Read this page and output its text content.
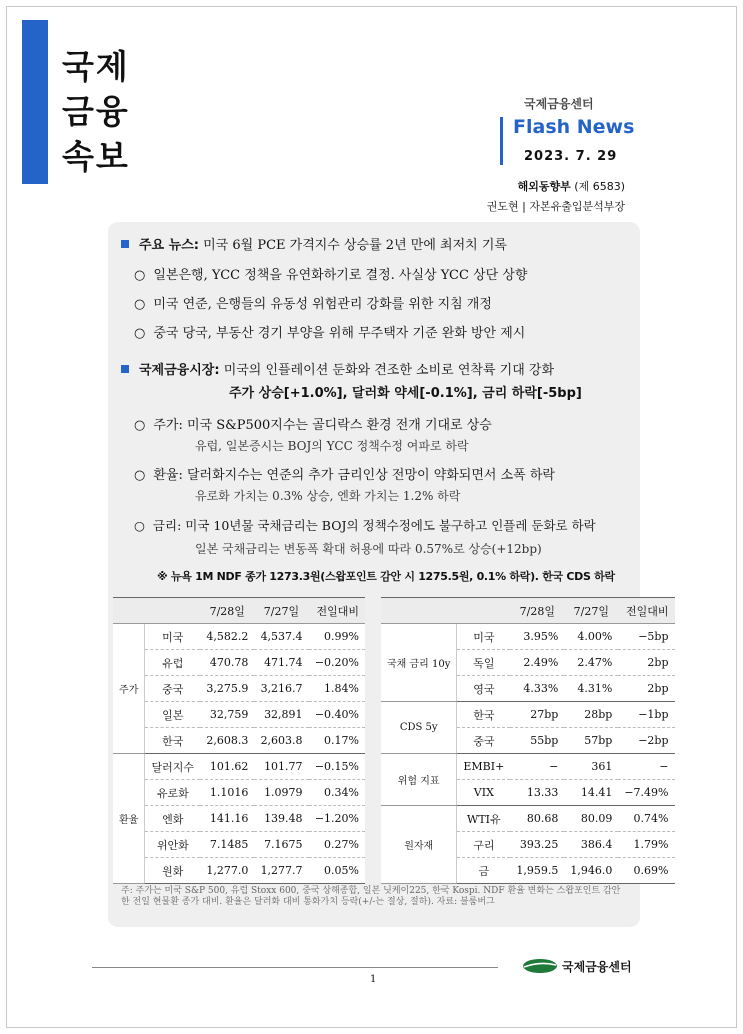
국제
금융
속보
국제금융센터
Flash News
2023. 7. 29
해외동향부 (제 6583)
권도현 | 자본유출입분석부장
주요 뉴스: 미국 6월 PCE 가격지수 상승률 2년 만에 최저치 기록
○ 일본은행, YCC 정책을 유연화하기로 결정. 사실상 YCC 상단 상향
○ 미국 연준, 은행들의 유동성 위험관리 강화를 위한 지침 개정
○ 중국 당국, 부동산 경기 부양을 위해 무주택자 기준 완화 방안 제시
국제금융시장: 미국의 인플레이션 둔화와 견조한 소비로 연착륙 기대 강화
주가 상승[+1.0%], 달러화 약세[-0.1%], 금리 하락[-5bp]
○ 주가: 미국 S&P500지수는 골디락스 환경 전개 기대로 상승
유럽, 일본증시는 BOJ의 YCC 정책수정 여파로 하락
○ 환율: 달러화지수는 연준의 추가 금리인상 전망이 약화되면서 소폭 하락
유로화 가치는 0.3% 상승, 엔화 가치는 1.2% 하락
○ 금리: 미국 10년물 국채금리는 BOJ의 정책수정에도 불구하고 인플레 둔화로 하락
일본 국채금리는 변동폭 확대 허용에 따라 0.57%로 상승(+12bp)
※ 뉴욕 1M NDF 종가 1273.3원(스왑포인트 감안 시 1275.5원, 0.1% 하락). 한국 CDS 하락
		7/28일	7/27일	전일대비
주가	미국	4,582.2	4,537.4	0.99%
	유럽	470.78	471.74	−0.20%
	중국	3,275.9	3,216.7	1.84%
	일본	32,759	32,891	−0.40%
	한국	2,608.3	2,603.8	0.17%
환율	달러지수	101.62	101.77	−0.15%
	유로화	1.1016	1.0979	0.34%
	엔화	141.16	139.48	−1.20%
	위안화	7.1485	7.1675	0.27%
	원화	1,277.0	1,277.7	0.05%
		7/28일	7/27일	전일대비
국채 금리 10y	미국	3.95%	4.00%	−5bp
	독일	2.49%	2.47%	2bp
	영국	4.33%	4.31%	2bp
CDS 5y	한국	27bp	28bp	−1bp
	중국	55bp	57bp	−2bp
위험 지표	EMBI+	−	361	−
	VIX	13.33	14.41	−7.49%
원자재	WTI유	80.68	80.09	0.74%
	구리	393.25	386.4	1.79%
	금	1,959.5	1,946.0	0.69%
주: 주가는 미국 S&P 500, 유럽 Stoxx 600, 중국 상해종합, 일본 닛케이225, 한국 Kospi. NDF 환율 변화는 스왑포인트 감안한 전일 현물환 종가 대비. 환율은 달러화 대비 통화가치 등락(+/-는 절상, 절하). 자료: 블룸버그
1
국제금융센터
